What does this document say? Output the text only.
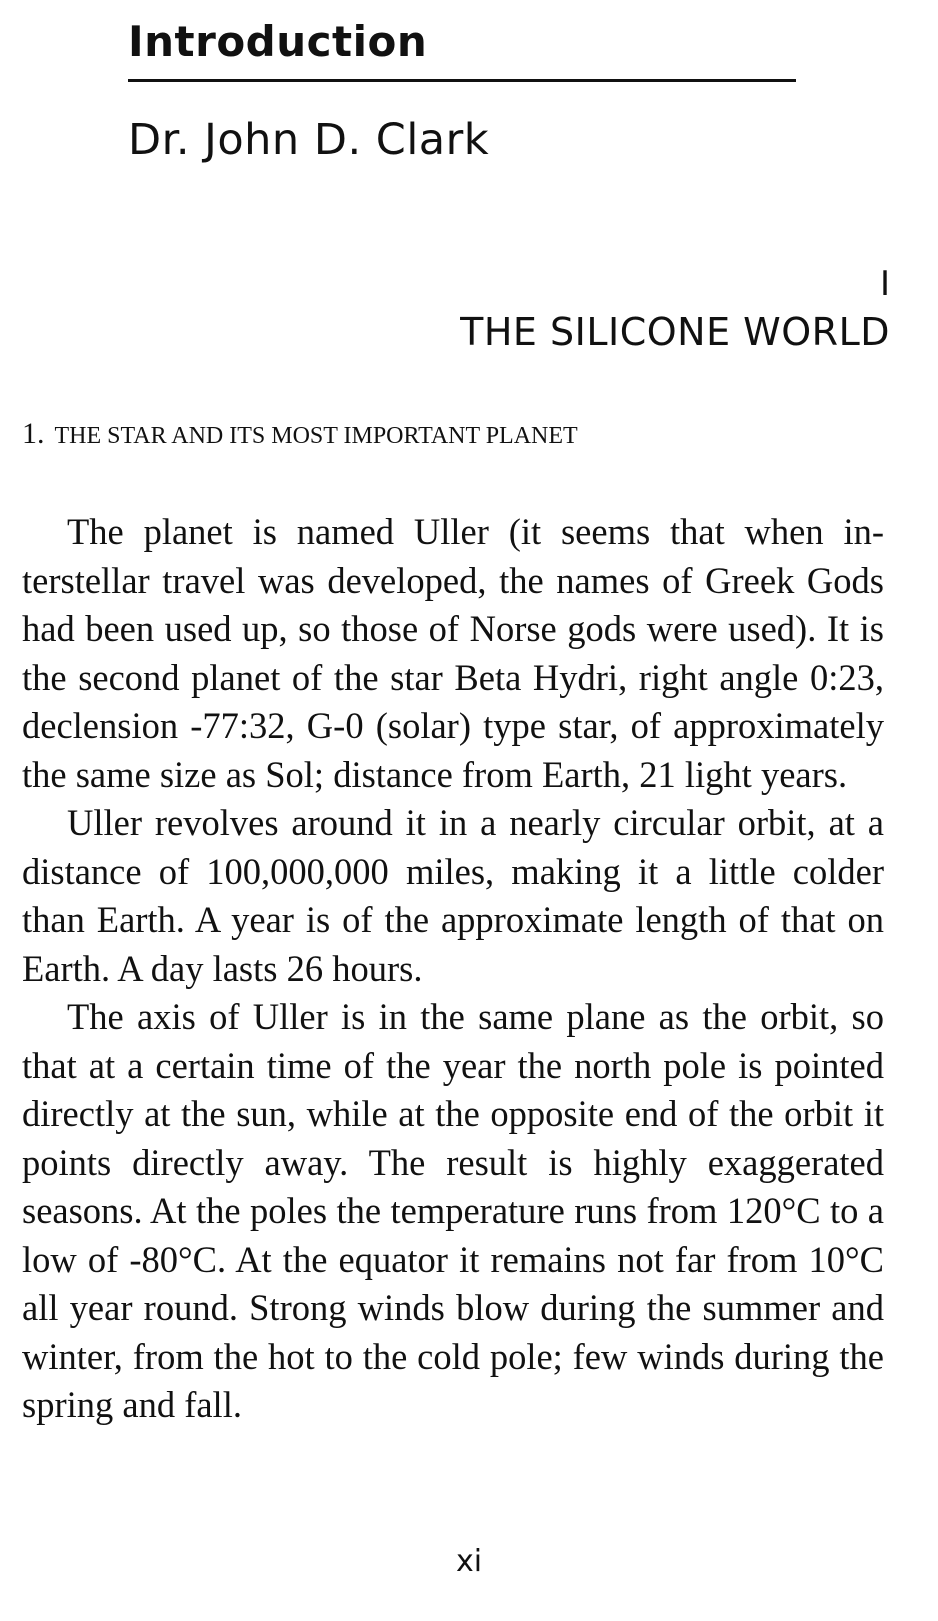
Introduction
Dr. John D. Clark
I
THE SILICONE WORLD
1. THE STAR AND ITS MOST IMPORTANT PLANET

The planet is named Uller (it seems that when interstellar travel was developed, the names of Greek Gods had been used up, so those of Norse gods were used). It is the second planet of the star Beta Hydri, right angle 0:23, declension -77:32, G-0 (solar) type star, of approximately the same size as Sol; distance from Earth, 21 light years.

Uller revolves around it in a nearly circular orbit, at a distance of 100,000,000 miles, making it a little colder than Earth. A year is of the approximate length of that on Earth. A day lasts 26 hours.

The axis of Uller is in the same plane as the orbit, so that at a certain time of the year the north pole is pointed directly at the sun, while at the opposite end of the orbit it points directly away. The result is highly exaggerated seasons. At the poles the temperature runs from 120°C to a low of -80°C. At the equator it remains not far from 10°C all year round. Strong winds blow during the summer and winter, from the hot to the cold pole; few winds during the spring and fall.

xi
